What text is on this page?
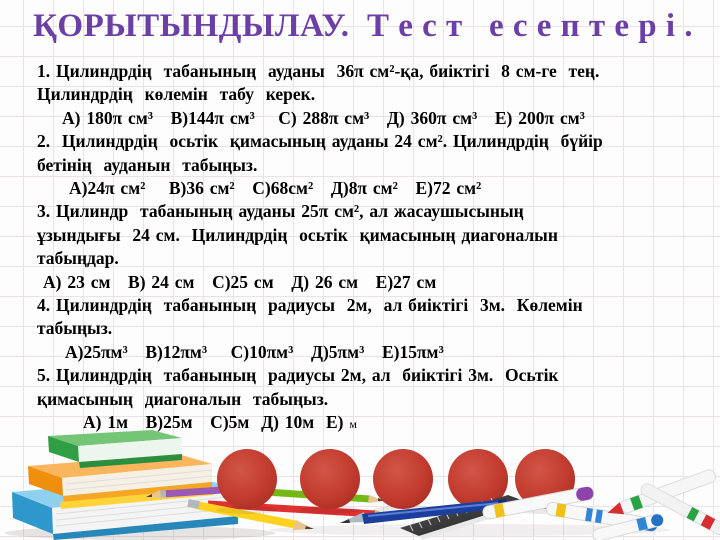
ҚОРЫТЫНДЫЛАУ.  Т е с т   е с е п т е р і .
1. Цилиндрдің  табанының  ауданы  36π см²-қа, биіктігі  8 см-ге  тең.
Цилиндрдің  көлемін  табу  керек.
А) 180π см³   В)144π см³    С) 288π см³   Д) 360π см³   Е) 200π см³
2.  Цилиндрдің  осьтік  қимасының ауданы 24 см². Цилиндрдің  бүйір
бетінің  ауданын  табыңыз.
А)24π см²    В)36 см²   С)68см²   Д)8π см²   Е)72 см²
3. Цилиндр  табанының ауданы 25π см², ал жасаушысының
ұзындығы  24 см.  Цилиндрдің  осьтік  қимасының диагоналын
табыңдар.
А) 23 см   В) 24 см   С)25 см   Д) 26 см   Е)27 см
4. Цилиндрдің  табанының  радиусы  2м,  ал биіктігі  3м.  Көлемін
табыңыз.
А)25πм³   В)12πм³    С)10πм³   Д)5πм³   Е)15πм³
5. Цилиндрдің  табанының  радиусы 2м, ал  биіктігі 3м.  Осьтік
қимасының  диагоналын  табыңыз.
А) 1м   В)25м   С)5м  Д) 10м  Е) м
